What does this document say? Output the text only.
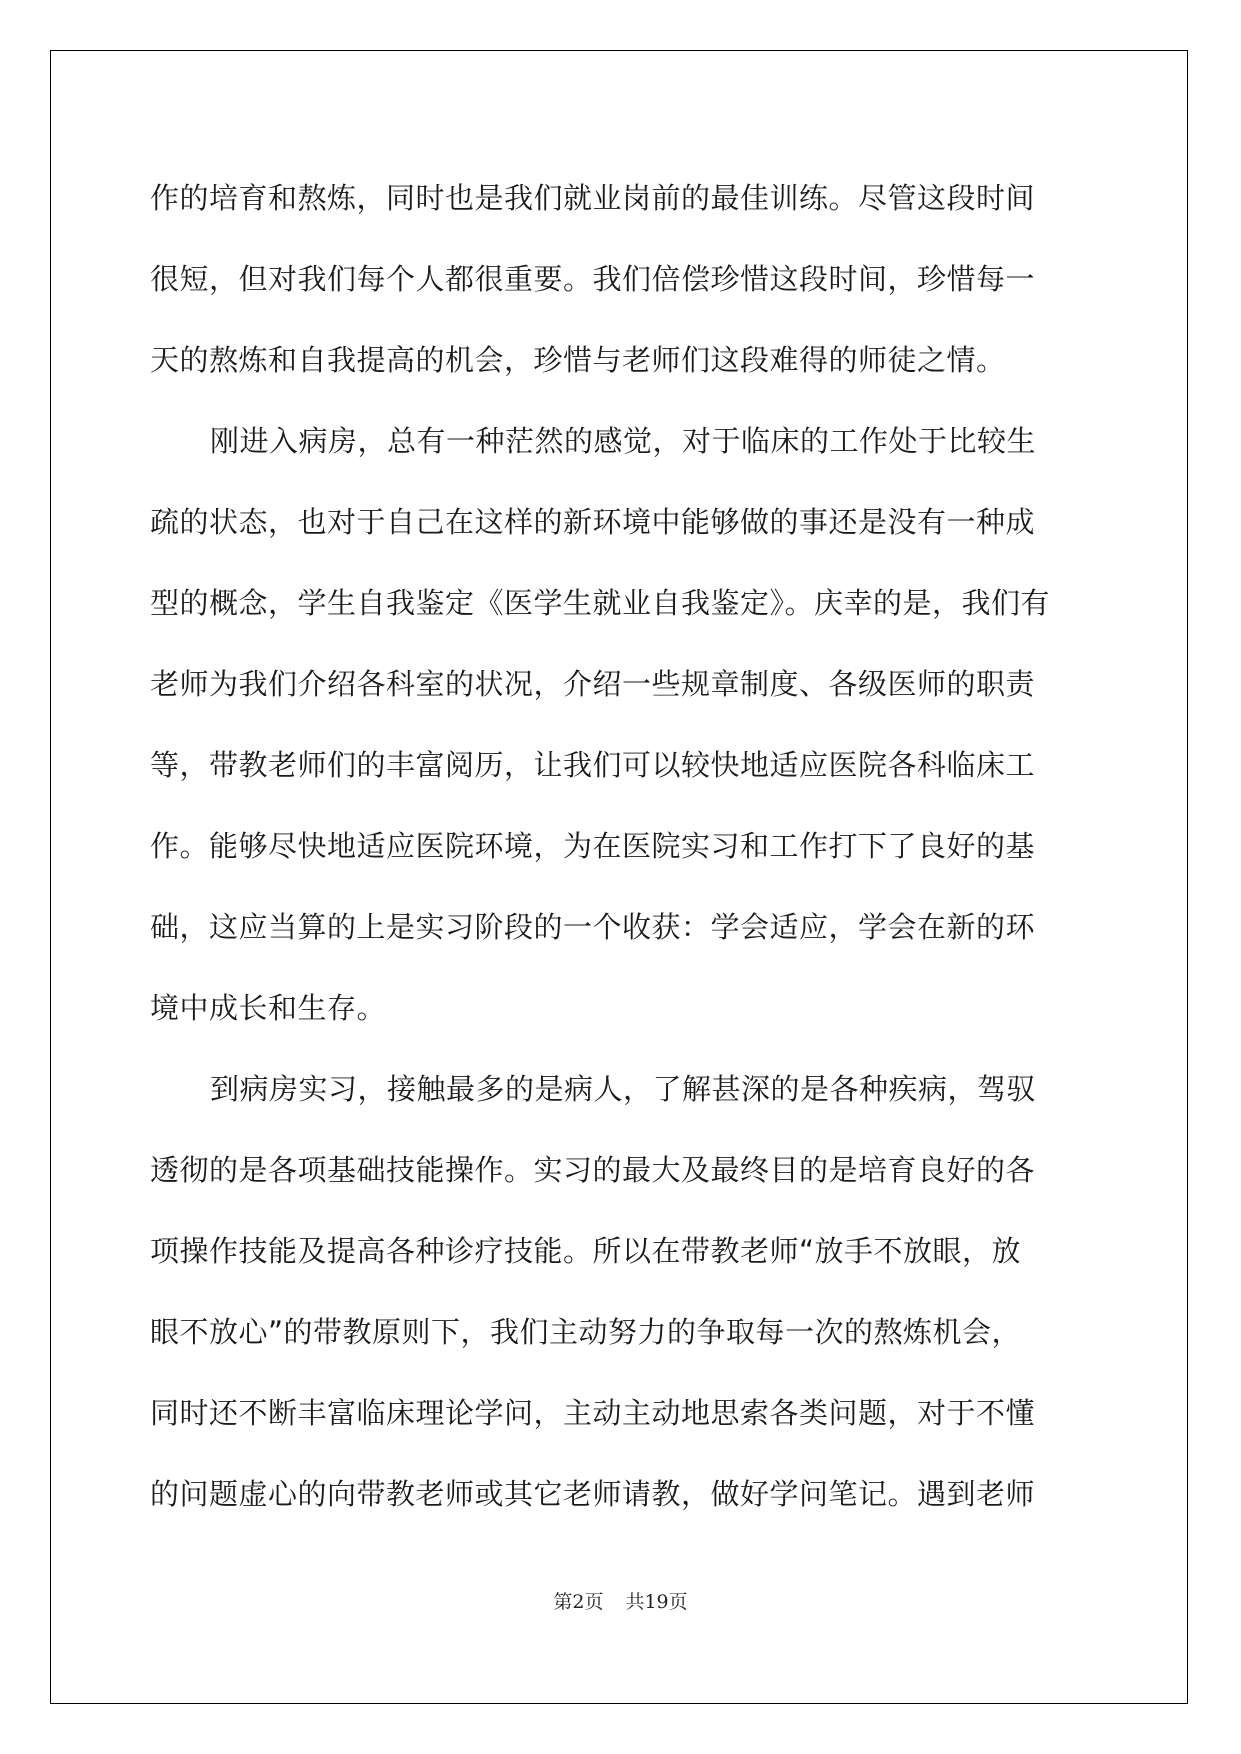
作的培育和熬炼，同时也是我们就业岗前的最佳训练。尽管这段时间
很短，但对我们每个人都很重要。我们倍偿珍惜这段时间，珍惜每一
天的熬炼和自我提高的机会，珍惜与老师们这段难得的师徒之情。
刚进入病房，总有一种茫然的感觉，对于临床的工作处于比较生
疏的状态，也对于自己在这样的新环境中能够做的事还是没有一种成
型的概念，学生自我鉴定《医学生就业自我鉴定》。庆幸的是，我们有
老师为我们介绍各科室的状况，介绍一些规章制度、各级医师的职责
等，带教老师们的丰富阅历，让我们可以较快地适应医院各科临床工
作。能够尽快地适应医院环境，为在医院实习和工作打下了良好的基
础，这应当算的上是实习阶段的一个收获：学会适应，学会在新的环
境中成长和生存。
到病房实习，接触最多的是病人，了解甚深的是各种疾病，驾驭
透彻的是各项基础技能操作。实习的最大及最终目的是培育良好的各
项操作技能及提高各种诊疗技能。所以在带教老师“放手不放眼，放
眼不放心”的带教原则下，我们主动努力的争取每一次的熬炼机会，
同时还不断丰富临床理论学问，主动主动地思索各类问题，对于不懂
的问题虚心的向带教老师或其它老师请教，做好学问笔记。遇到老师
第2页 共19页
